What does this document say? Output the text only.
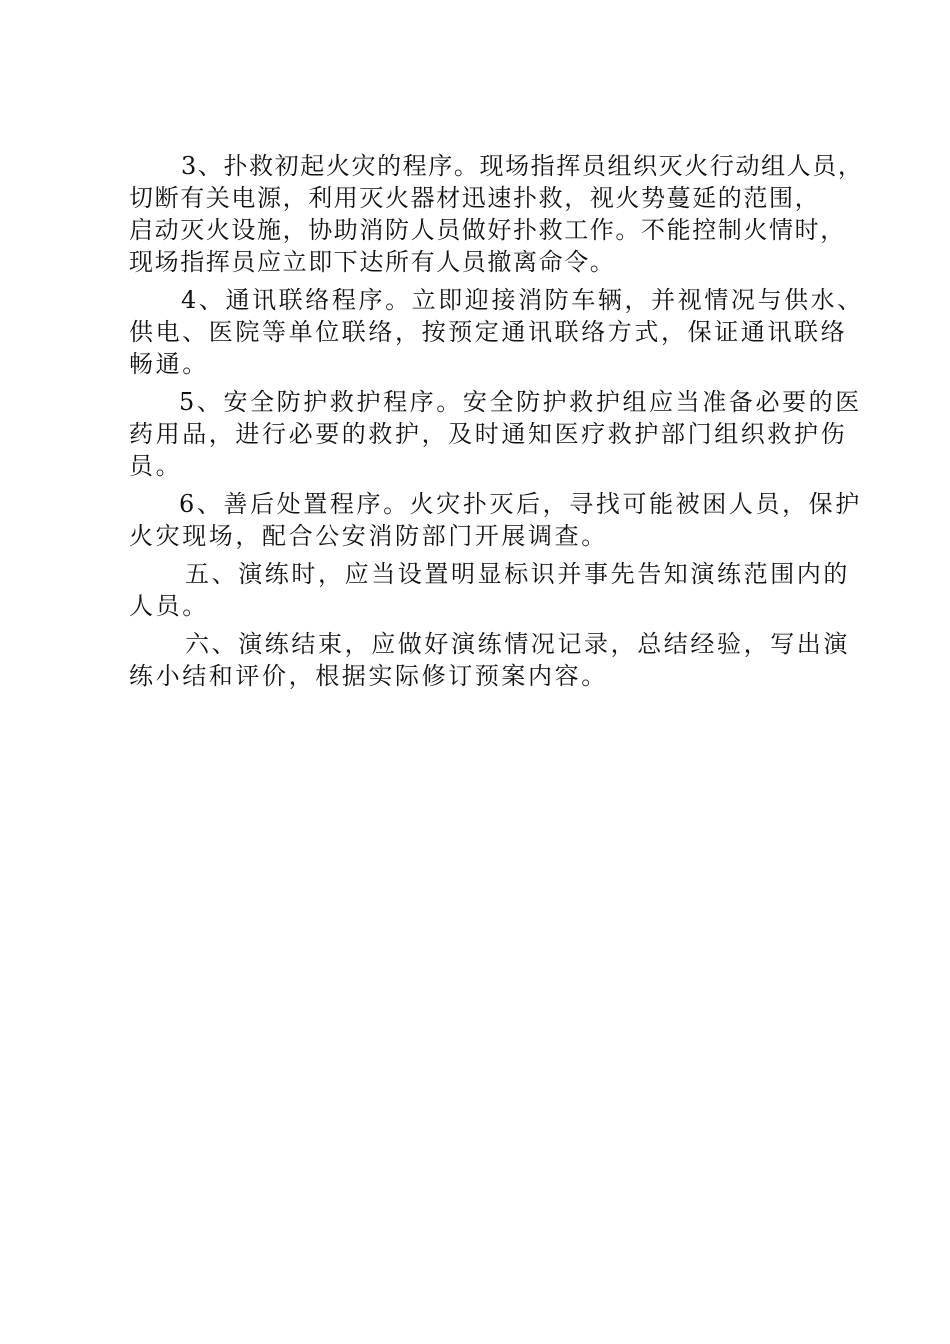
3、扑救初起火灾的程序。现场指挥员组织灭火行动组人员，
切断有关电源，利用灭火器材迅速扑救，视火势蔓延的范围，
启动灭火设施，协助消防人员做好扑救工作。不能控制火情时，
现场指挥员应立即下达所有人员撤离命令。
4、通讯联络程序。立即迎接消防车辆，并视情况与供水、
供电、医院等单位联络，按预定通讯联络方式，保证通讯联络
畅通。
5、安全防护救护程序。安全防护救护组应当准备必要的医
药用品，进行必要的救护，及时通知医疗救护部门组织救护伤
员。
6、善后处置程序。火灾扑灭后，寻找可能被困人员，保护
火灾现场，配合公安消防部门开展调查。
五、演练时，应当设置明显标识并事先告知演练范围内的
人员。
六、演练结束，应做好演练情况记录，总结经验，写出演
练小结和评价，根据实际修订预案内容。
